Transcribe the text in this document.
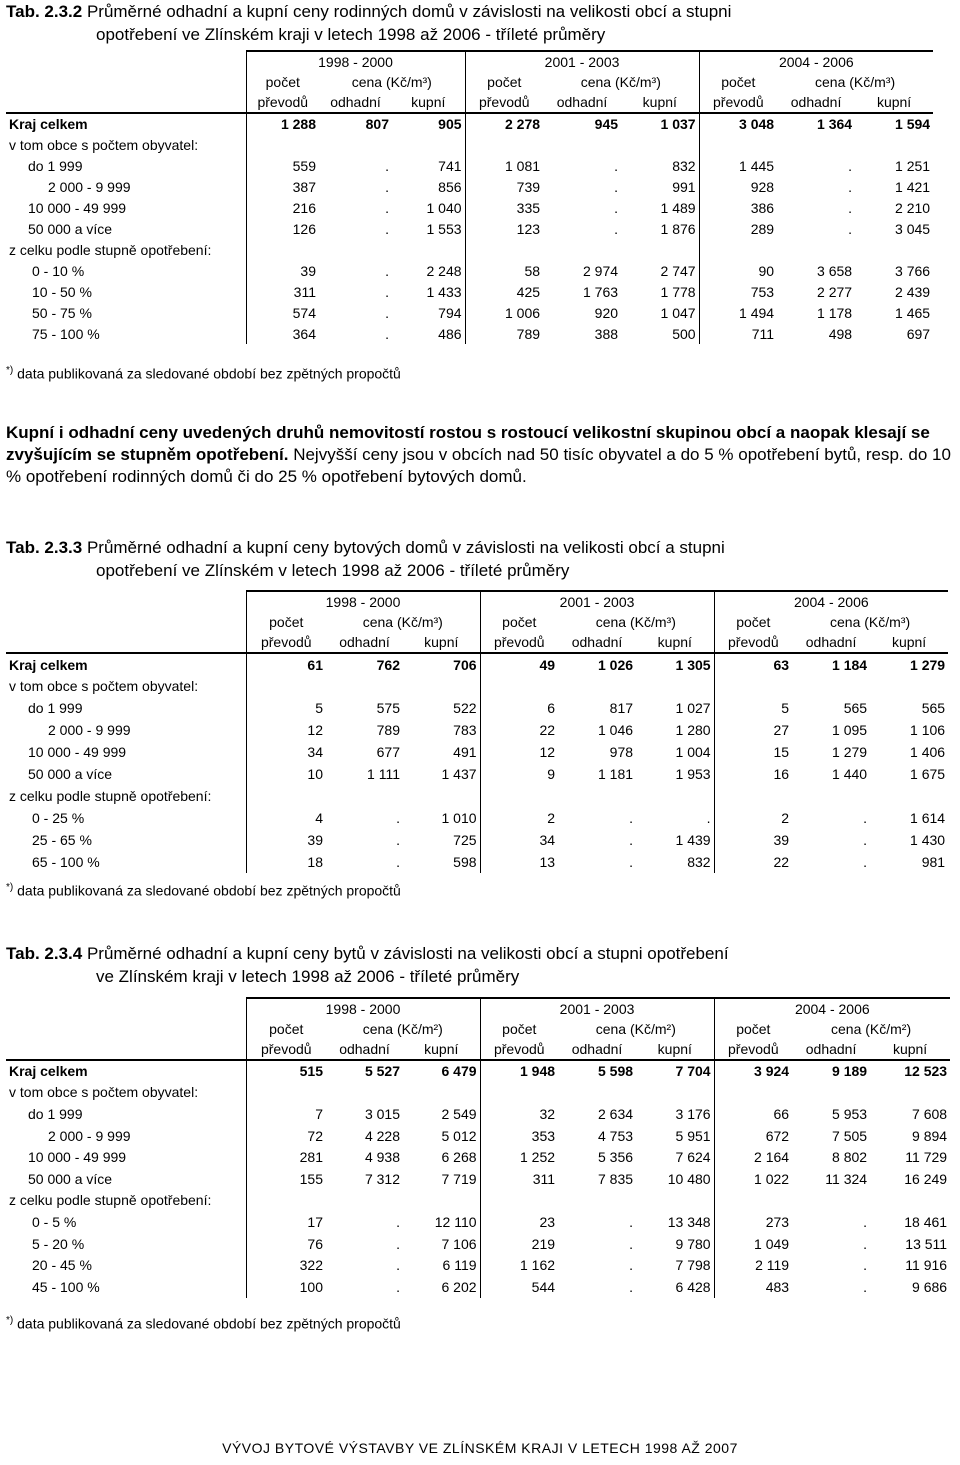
Tab. 2.3.2 Průměrné odhadní a kupní ceny rodinných domů v závislosti na velikosti obcí a stupni
opotřebení ve Zlínském kraji v letech 1998 až 2006 - tříleté průměry
	1998 - 2000			2001 - 2003			2004 - 2006		
	počet	cena (Kč/m³)		počet	cena (Kč/m³)		počet	cena (Kč/m³)	
	převodů	odhadní	kupní	převodů	odhadní	kupní	převodů	odhadní	kupní
Kraj celkem	1 288	807	905	2 278	945	1 037	3 048	1 364	1 594
v tom obce s počtem obyvatel:									
do 1 999	559	.	741	1 081	.	832	1 445	.	1 251
2 000 - 9 999	387	.	856	739	.	991	928	.	1 421
10 000 - 49 999	216	.	1 040	335	.	1 489	386	.	2 210
50 000 a více	126	.	1 553	123	.	1 876	289	.	3 045
z celku podle stupně opotřebení:									
0 - 10 %	39	.	2 248	58	2 974	2 747	90	3 658	3 766
10 - 50 %	311	.	1 433	425	1 763	1 778	753	2 277	2 439
50 - 75 %	574	.	794	1 006	920	1 047	1 494	1 178	1 465
75 - 100 %	364	.	486	789	388	500	711	498	697
*) data publikovaná za sledované období bez zpětných propočtů
Kupní i odhadní ceny uvedených druhů nemovitostí rostou s rostoucí velikostní skupinou obcí a naopak klesají se zvyšujícím se stupněm opotřebení. Nejvyšší ceny jsou v obcích nad 50 tisíc obyvatel a do 5 % opotřebení bytů, resp. do 10 % opotřebení rodinných domů či do 25 % opotřebení bytových domů.
Tab. 2.3.3 Průměrné odhadní a kupní ceny bytových domů v závislosti na velikosti obcí a stupni
opotřebení ve Zlínském v letech 1998 až 2006 - tříleté průměry
	1998 - 2000			2001 - 2003			2004 - 2006		
	počet	cena (Kč/m³)		počet	cena (Kč/m³)		počet	cena (Kč/m³)	
	převodů	odhadní	kupní	převodů	odhadní	kupní	převodů	odhadní	kupní
Kraj celkem	61	762	706	49	1 026	1 305	63	1 184	1 279
v tom obce s počtem obyvatel:									
do 1 999	5	575	522	6	817	1 027	5	565	565
2 000 - 9 999	12	789	783	22	1 046	1 280	27	1 095	1 106
10 000 - 49 999	34	677	491	12	978	1 004	15	1 279	1 406
50 000 a více	10	1 111	1 437	9	1 181	1 953	16	1 440	1 675
z celku podle stupně opotřebení:									
0 - 25 %	4	.	1 010	2	.	.	2	.	1 614
25 - 65 %	39	.	725	34	.	1 439	39	.	1 430
65 - 100 %	18	.	598	13	.	832	22	.	981
*) data publikovaná za sledované období bez zpětných propočtů
Tab. 2.3.4 Průměrné odhadní a kupní ceny bytů v závislosti na velikosti obcí a stupni opotřebení
ve Zlínském kraji v letech 1998 až 2006 - tříleté průměry
	1998 - 2000			2001 - 2003			2004 - 2006		
	počet	cena (Kč/m²)		počet	cena (Kč/m²)		počet	cena (Kč/m²)	
	převodů	odhadní	kupní	převodů	odhadní	kupní	převodů	odhadní	kupní
Kraj celkem	515	5 527	6 479	1 948	5 598	7 704	3 924	9 189	12 523
v tom obce s počtem obyvatel:									
do 1 999	7	3 015	2 549	32	2 634	3 176	66	5 953	7 608
2 000 - 9 999	72	4 228	5 012	353	4 753	5 951	672	7 505	9 894
10 000 - 49 999	281	4 938	6 268	1 252	5 356	7 624	2 164	8 802	11 729
50 000 a více	155	7 312	7 719	311	7 835	10 480	1 022	11 324	16 249
z celku podle stupně opotřebení:									
0 - 5 %	17	.	12 110	23	.	13 348	273	.	18 461
5 - 20 %	76	.	7 106	219	.	9 780	1 049	.	13 511
20 - 45 %	322	.	6 119	1 162	.	7 798	2 119	.	11 916
45 - 100 %	100	.	6 202	544	.	6 428	483	.	9 686
*) data publikovaná za sledované období bez zpětných propočtů
VÝVOJ BYTOVÉ VÝSTAVBY VE ZLÍNSKÉM KRAJI V LETECH 1998 AŽ 2007
